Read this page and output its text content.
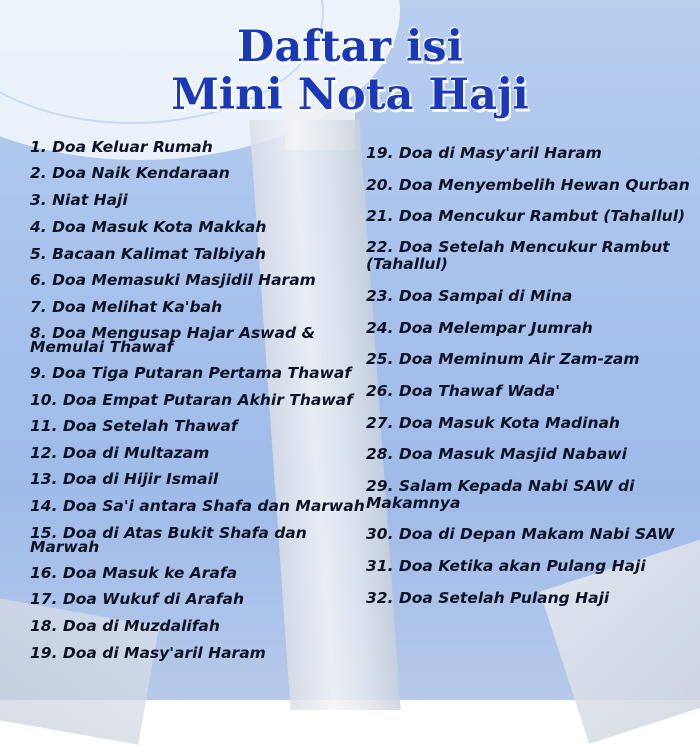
Daftar isi
Mini Nota Haji
1. Doa Keluar Rumah
2. Doa Naik Kendaraan
3. Niat Haji
4. Doa Masuk Kota Makkah
5. Bacaan Kalimat Talbiyah
6. Doa Memasuki Masjidil Haram
7. Doa Melihat Ka'bah
8. Doa Mengusap Hajar Aswad &
Memulai Thawaf
9. Doa Tiga Putaran Pertama Thawaf
10. Doa Empat Putaran Akhir Thawaf
11. Doa Setelah Thawaf
12. Doa di Multazam
13. Doa di Hijir Ismail
14. Doa Sa'i antara Shafa dan Marwah
15. Doa di Atas Bukit Shafa dan
Marwah
16. Doa Masuk ke Arafa
17. Doa Wukuf di Arafah
18. Doa di Muzdalifah
19. Doa di Masy'aril Haram
19. Doa di Masy'aril Haram
20. Doa Menyembelih Hewan Qurban
21. Doa Mencukur Rambut (Tahallul)
22. Doa Setelah Mencukur Rambut
(Tahallul)
23. Doa Sampai di Mina
24. Doa Melempar Jumrah
25. Doa Meminum Air Zam-zam
26. Doa Thawaf Wada'
27. Doa Masuk Kota Madinah
28. Doa Masuk Masjid Nabawi
29. Salam Kepada Nabi SAW di
Makamnya
30. Doa di Depan Makam Nabi SAW
31. Doa Ketika akan Pulang Haji
32. Doa Setelah Pulang Haji
